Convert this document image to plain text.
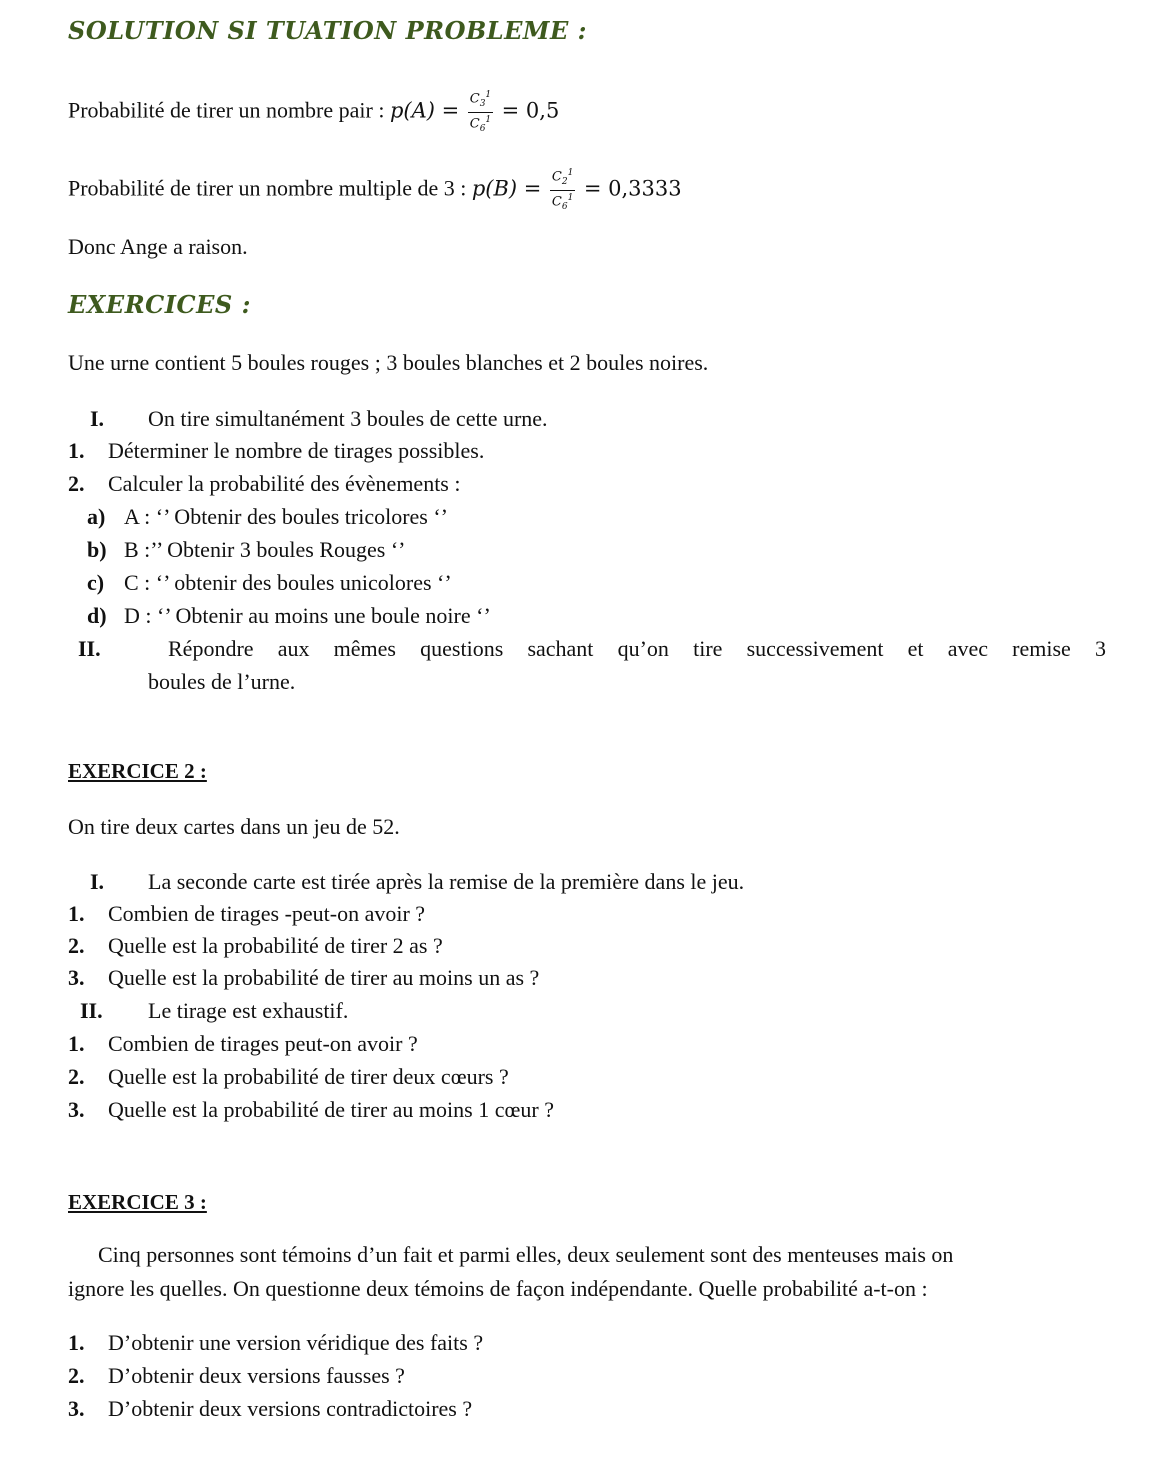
SOLUTION SI TUATION PROBLEME :
Probabilité de tirer un nombre pair : $p(A) = \frac{C_3^1}{C_6^1} = 0,5$
Probabilité de tirer un nombre multiple de 3 : $p(B) = \frac{C_2^1}{C_6^1} = 0,3333$
Donc Ange a raison.
EXERCICES :
Une urne contient 5 boules rouges ; 3 boules blanches et 2 boules noires.
I. On tire simultanément 3 boules de cette urne.
1. Déterminer le nombre de tirages possibles.
2. Calculer la probabilité des évènements :
a) A : ‘’ Obtenir des boules tricolores ‘’
b) B :’’ Obtenir 3 boules Rouges ‘’
c) C : ‘’ obtenir des boules unicolores ‘’
d) D : ‘’ Obtenir au moins une boule noire ‘’
II.	Répondre aux mêmes questions sachant qu’on tire successivement et avec remise 3
boules de l’urne.
EXERCICE 2 :
On tire deux cartes dans un jeu de 52.
I. La seconde carte est tirée après la remise de la première dans le jeu.
1. Combien de tirages -peut-on avoir ?
2. Quelle est la probabilité de tirer 2 as ?
3. Quelle est la probabilité de tirer au moins un as ?
II. Le tirage est exhaustif.
1. Combien de tirages peut-on avoir ?
2. Quelle est la probabilité de tirer deux cœurs ?
3. Quelle est la probabilité de tirer au moins 1 cœur ?
EXERCICE 3 :
Cinq personnes sont témoins d’un fait et parmi elles, deux seulement sont des menteuses mais on
ignore les quelles. On questionne deux témoins de façon indépendante. Quelle probabilité a-t-on :
1. D’obtenir une version véridique des faits ?
2. D’obtenir deux versions fausses ?
3. D’obtenir deux versions contradictoires ?
